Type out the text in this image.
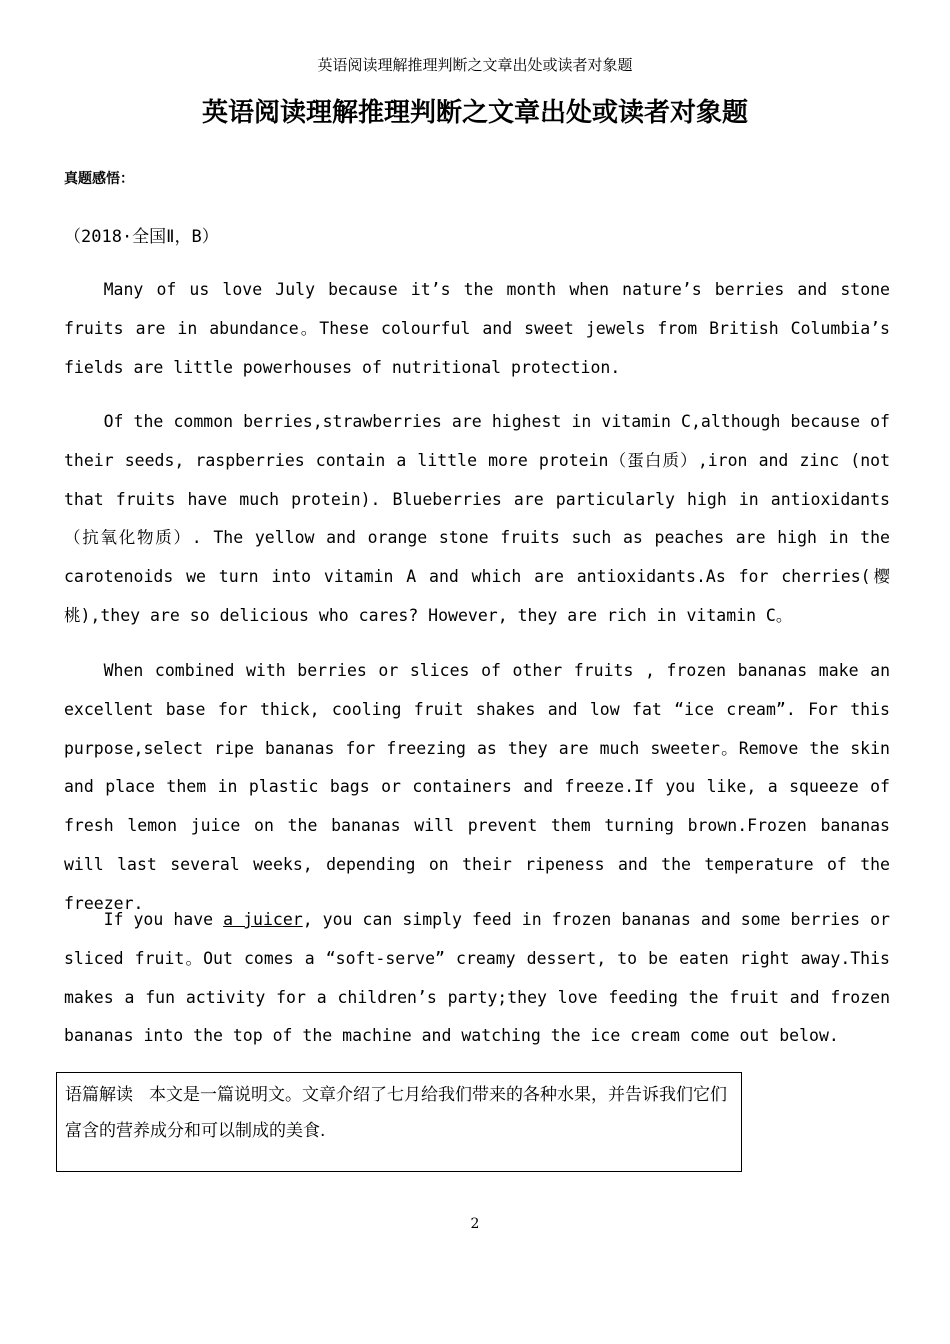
英语阅读理解推理判断之文章出处或读者对象题
英语阅读理解推理判断之文章出处或读者对象题
真题感悟：
（2018·全国Ⅱ，B）

Many of us love July because it’s the month when nature’s berries and stone fruits are in abundance。These colourful and sweet jewels from British Columbia’s fields are little powerhouses of nutritional protection.

Of the common berries,strawberries are highest in vitamin C,although because of their seeds, raspberries contain a little more protein（蛋白质）,iron and zinc (not that fruits have much protein). Blueberries are particularly high in antioxidants（抗氧化物质）. The yellow and orange stone fruits such as peaches are high in the carotenoids we turn into vitamin A and which are antioxidants.As for cherries(樱桃),they are so delicious who cares? However, they are rich in vitamin C。

When combined with berries or slices of other fruits , frozen bananas make an excellent base for thick, cooling fruit shakes and low fat “ice cream”. For this purpose,select ripe bananas for freezing as they are much sweeter。Remove the skin and place them in plastic bags or containers and freeze.If you like, a squeeze of fresh lemon juice on the bananas will prevent them turning brown.Frozen bananas will last several weeks, depending on their ripeness and the temperature of the freezer.

If you have a juicer, you can simply feed in frozen bananas and some berries or sliced fruit。Out comes a “soft-serve” creamy dessert, to be eaten right away.This makes a fun activity for a children’s party;they love feeding the fruit and frozen bananas into the top of the machine and watching the ice cream come out below.

语篇解读 本文是一篇说明文。文章介绍了七月给我们带来的各种水果，并告诉我们它们富含的营养成分和可以制成的美食.
2
